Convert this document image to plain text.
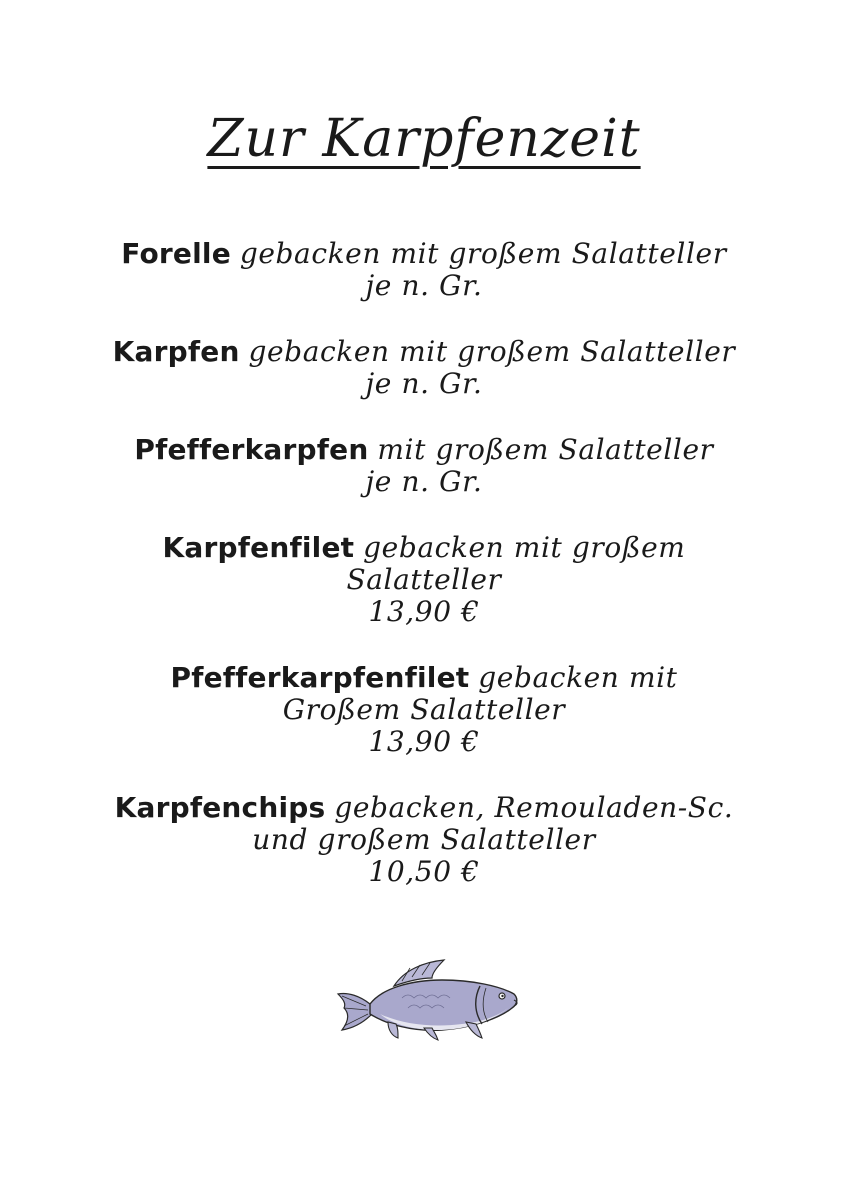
Zur Karpfenzeit
Forelle gebacken mit großem Salatteller
je n. Gr.
Karpfen gebacken mit großem Salatteller
je n. Gr.
Pfefferkarpfen mit großem Salatteller
je n. Gr.
Karpfenfilet gebacken mit großem
Salatteller
13,90 €
Pfefferkarpfenfilet gebacken mit
Großem Salatteller
13,90 €
Karpfenchips gebacken, Remouladen-Sc.
und großem Salatteller
10,50 €
